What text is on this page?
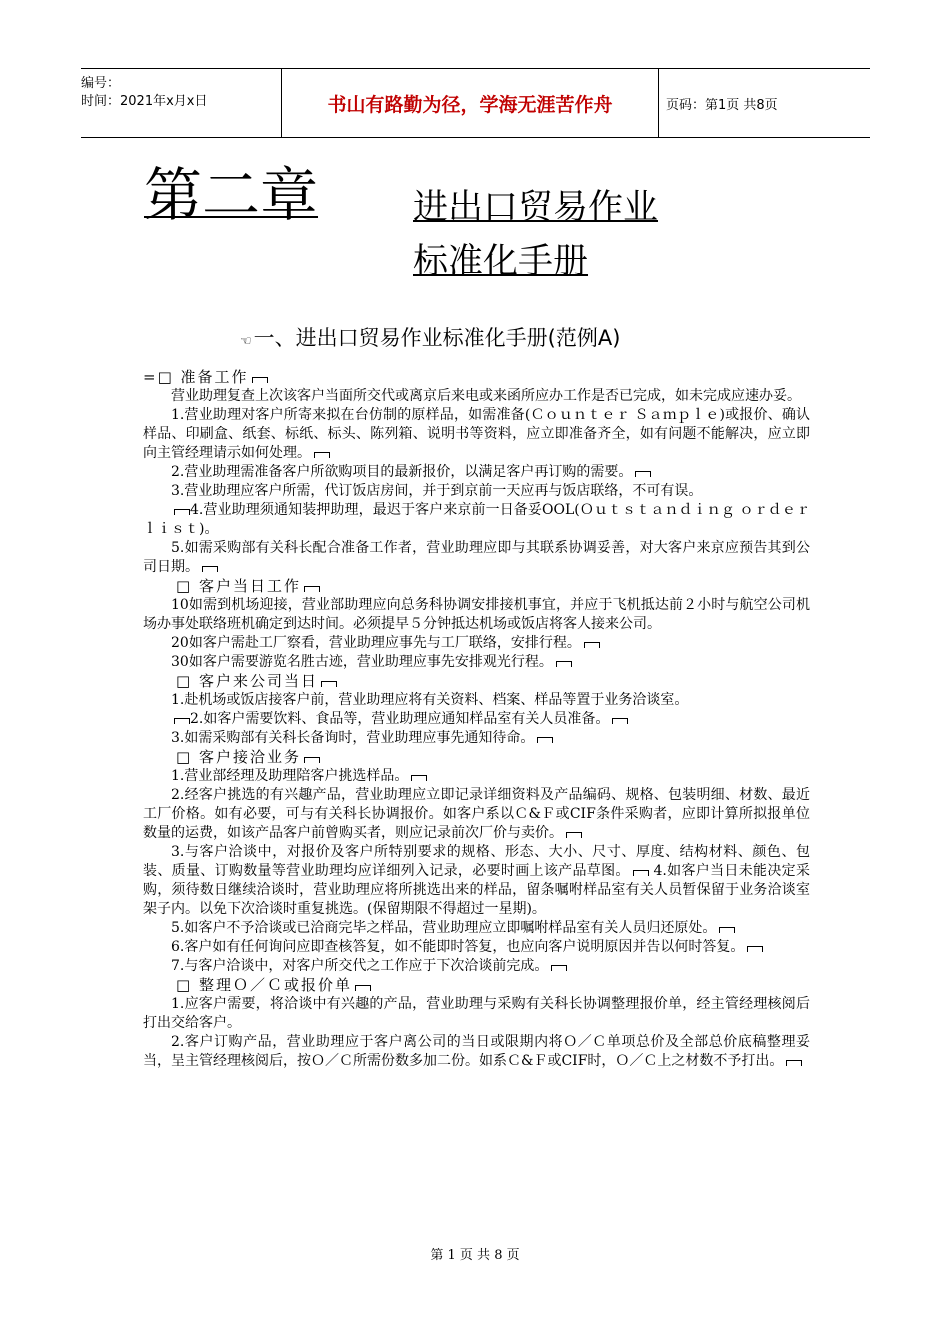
编号：
时间：2021年x月x日	书山有路勤为径，学海无涯苦作舟	页码：第1页 共8页
第二章	进出口贸易作业
标准化手册
☜一、进出口贸易作业标准化手册(范例A)

=□ 准备工作

营业助理复查上次该客户当面所交代或离京后来电或来函所应办工作是否已完成，如未完成应速办妥。

1.营业助理对客户所寄来拟在台仿制的原样品，如需准备(Ｃｏｕｎｔｅｒ Ｓａｍｐｌｅ)或报价、确认样品、印刷盒、纸套、标纸、标头、陈列箱、说明书等资料，应立即准备齐全，如有问题不能解决，应立即向主管经理请示如何处理。

2.营业助理需准备客户所欲购项目的最新报价，以满足客户再订购的需要。

3.营业助理应客户所需，代订饭店房间，并于到京前一天应再与饭店联络，不可有误。

4.营业助理须通知装押助理，最迟于客户来京前一日备妥OOL(Ｏｕｔｓｔａｎｄｉｎｇ ｏｒｄｅｒ ｌｉｓｔ)。

5.如需采购部有关科长配合准备工作者，营业助理应即与其联系协调妥善，对大客户来京应预告其到公司日期。

□ 客户当日工作

10如需到机场迎接，营业部助理应向总务科协调安排接机事宜，并应于飞机抵达前２小时与航空公司机场办事处联络班机确定到达时间。必须提早５分钟抵达机场或饭店将客人接来公司。

20如客户需赴工厂察看，营业助理应事先与工厂联络，安排行程。

30如客户需要游览名胜古迹，营业助理应事先安排观光行程。

□ 客户来公司当日

1.赴机场或饭店接客户前，营业助理应将有关资料、档案、样品等置于业务洽谈室。

2.如客户需要饮料、食品等，营业助理应通知样品室有关人员准备。

3.如需采购部有关科长备询时，营业助理应事先通知待命。

□ 客户接洽业务

1.营业部经理及助理陪客户挑选样品。

2.经客户挑选的有兴趣产品，营业助理应立即记录详细资料及产品编码、规格、包装明细、材数、最近工厂价格。如有必要，可与有关科长协调报价。如客户系以Ｃ&Ｆ或CIF条件采购者，应即计算所拟报单位数量的运费，如该产品客户前曾购买者，则应记录前次厂价与卖价。

3.与客户洽谈中，对报价及客户所特别要求的规格、形态、大小、尺寸、厚度、结构材料、颜色、包装、质量、订购数量等营业助理均应详细列入记录，必要时画上该产品草图。 4.如客户当日未能决定采购，须待数日继续洽谈时，营业助理应将所挑选出来的样品，留条嘱咐样品室有关人员暂保留于业务洽谈室架子内。以免下次洽谈时重复挑选。(保留期限不得超过一星期)。

5.如客户不予洽谈或已洽商完毕之样品，营业助理应立即嘱咐样品室有关人员归还原处。

6.客户如有任何询问应即查核答复，如不能即时答复，也应向客户说明原因并告以何时答复。

7.与客户洽谈中，对客户所交代之工作应于下次洽谈前完成。

□ 整理Ｏ／Ｃ或报价单

1.应客户需要，将洽谈中有兴趣的产品，营业助理与采购有关科长协调整理报价单，经主管经理核阅后打出交给客户。

2.客户订购产品，营业助理应于客户离公司的当日或限期内将Ｏ／Ｃ单项总价及全部总价底稿整理妥当，呈主管经理核阅后，按Ｏ／Ｃ所需份数多加二份。如系Ｃ&Ｆ或CIF时，Ｏ／Ｃ上之材数不予打出。

第 1 页 共 8 页
